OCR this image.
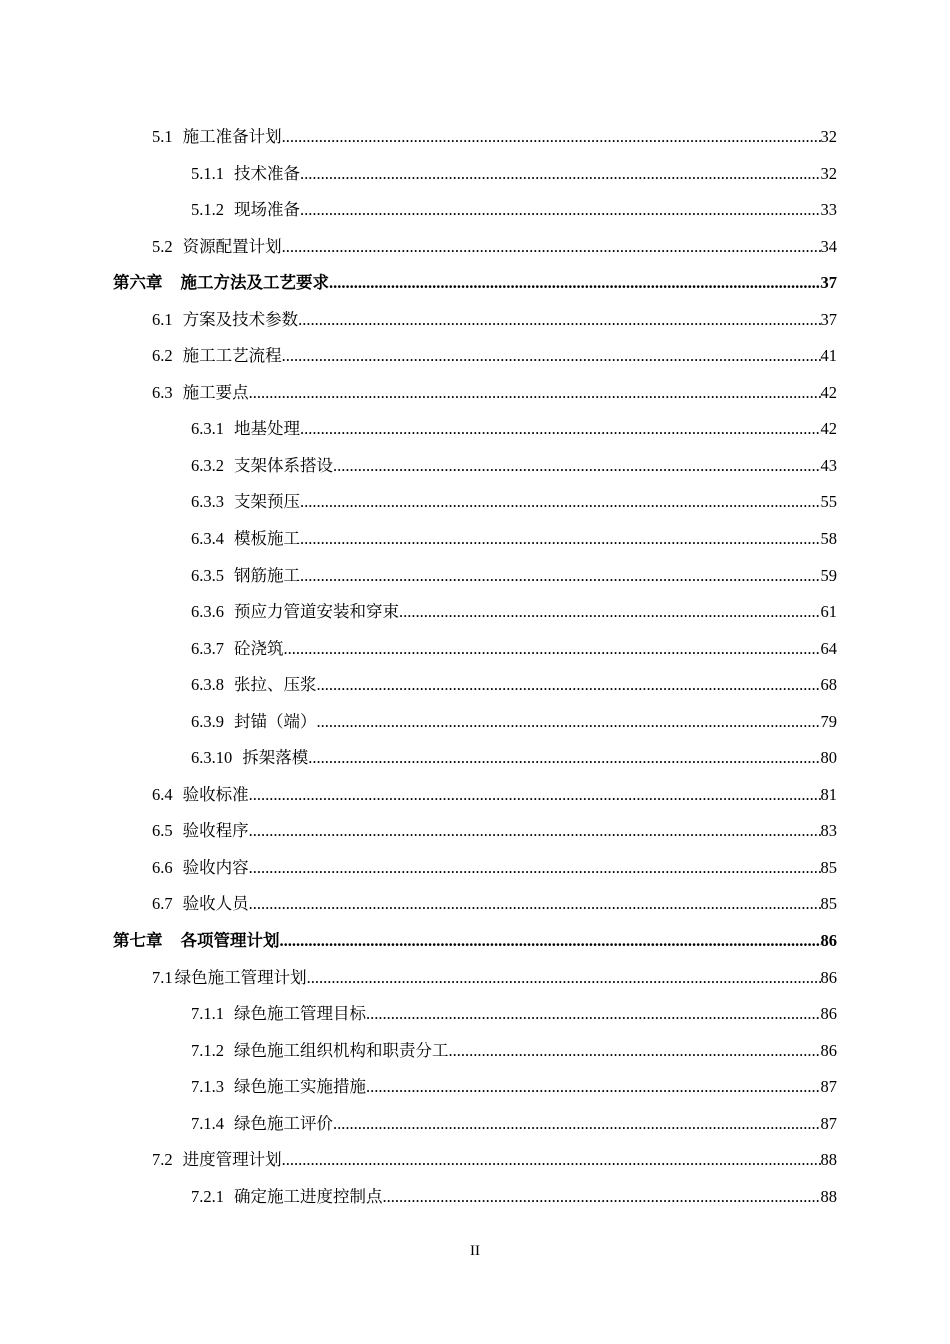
5.1 施工准备计划 .....	32
5.1.1 技术准备 .....	32
5.1.2 现场准备 .....	33
5.2 资源配置计划 .....	34
第六章	施工方法及工艺要求 .....	37
6.1 方案及技术参数 .....	37
6.2 施工工艺流程 .....	41
6.3 施工要点 .....	42
6.3.1 地基处理 .....	42
6.3.2 支架体系搭设 .....	43
6.3.3 支架预压 .....	55
6.3.4 模板施工 .....	58
6.3.5 钢筋施工 .....	59
6.3.6 预应力管道安装和穿束 .....	61
6.3.7 砼浇筑 .....	64
6.3.8 张拉、压浆 .....	68
6.3.9 封锚（端） .....	79
6.3.10 拆架落模 .....	80
6.4 验收标准 .....	81
6.5 验收程序 .....	83
6.6 验收内容 .....	85
6.7 验收人员 .....	85
第七章	各项管理计划 .....	86
7.1 绿色施工管理计划 .....	86
7.1.1 绿色施工管理目标 .....	86
7.1.2 绿色施工组织机构和职责分工 .....	86
7.1.3 绿色施工实施措施 .....	87
7.1.4 绿色施工评价 .....	87
7.2 进度管理计划 .....	88
7.2.1 确定施工进度控制点 .....	88
II
